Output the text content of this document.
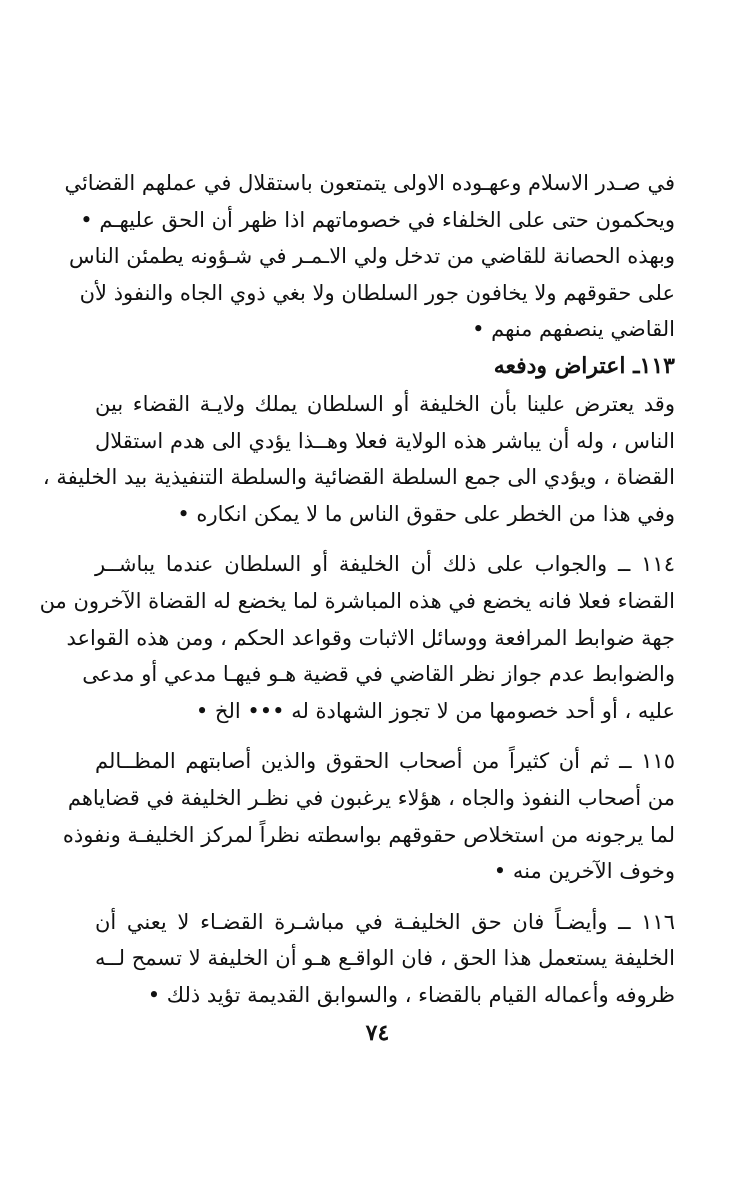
في صـدر الاسلام وعهـوده الاولى يتمتعون باستقلال في عملهم القضائي
ويحكمون حتى على الخلفاء في خصوماتهم اذا ظهر أن الحق عليهـم •
وبهذه الحصانة للقاضي من تدخل ولي الاـمـر في شـؤونه يطمئن الناس
على حقوقهم ولا يخافون جور السلطان ولا بغي ذوي الجاه والنفوذ لأن
القاضي ينصفهم منهم •
١١٣ـ اعتراض ودفعه
وقد يعترض علينا بأن الخليفة أو السلطان يملك ولايـة القضاء بين
الناس ، وله أن يباشر هذه الولاية فعلا وهــذا يؤدي الى هدم استقلال
القضاة ، ويؤدي الى جمع السلطة القضائية والسلطة التنفيذية بيد الخليفة ،
وفي هذا من الخطر على حقوق الناس ما لا يمكن انكاره •
١١٤ ــ والجواب على ذلك أن الخليفة أو السلطان عندما يباشــر
القضاء فعلا فانه يخضع في هذه المباشرة لما يخضع له القضاة الآخرون من
جهة ضوابط المرافعة ووسائل الاثبات وقواعد الحكم ، ومن هذه القواعد
والضوابط عدم جواز نظر القاضي في قضية هـو فيهـا مدعي أو مدعى
عليه ، أو أحد خصومها من لا تجوز الشهادة له ••• الخ •
١١٥ ــ ثم أن كثيراً من أصحاب الحقوق والذين أصابتهم المظــالم
من أصحاب النفوذ والجاه ، هؤلاء يرغبون في نظـر الخليفة في قضاياهم
لما يرجونه من استخلاص حقوقهم بواسطته نظراً لمركز الخليفـة ونفوذه
وخوف الآخرين منه •
١١٦ ــ وأيضـاً فان حق الخليفـة في مباشـرة القضـاء لا يعني أن
الخليفة يستعمل هذا الحق ، فان الواقـع هـو أن الخليفة لا تسمح لــه
ظروفه وأعماله القيام بالقضاء ، والسوابق القديمة تؤيد ذلك •
٧٤
